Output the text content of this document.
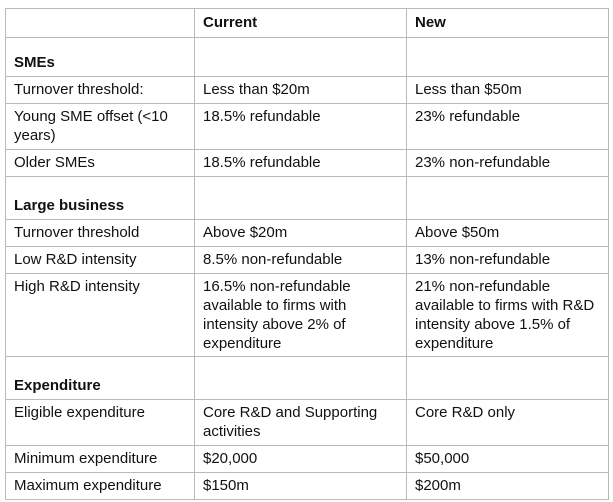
	Current	New
SMEs		
Turnover threshold:	Less than $20m	Less than $50m
Young SME offset (<10 years)	18.5% refundable	23% refundable
Older SMEs	18.5% refundable	23% non-refundable
Large business		
Turnover threshold	Above $20m	Above $50m
Low R&D intensity	8.5% non-refundable	13% non-refundable
High R&D intensity	16.5% non-refundable available to firms with intensity above 2% of expenditure	21% non-refundable available to firms with R&D intensity above 1.5% of expenditure
Expenditure		
Eligible expenditure	Core R&D and Supporting activities	Core R&D only
Minimum expenditure	$20,000	$50,000
Maximum expenditure	$150m	$200m
